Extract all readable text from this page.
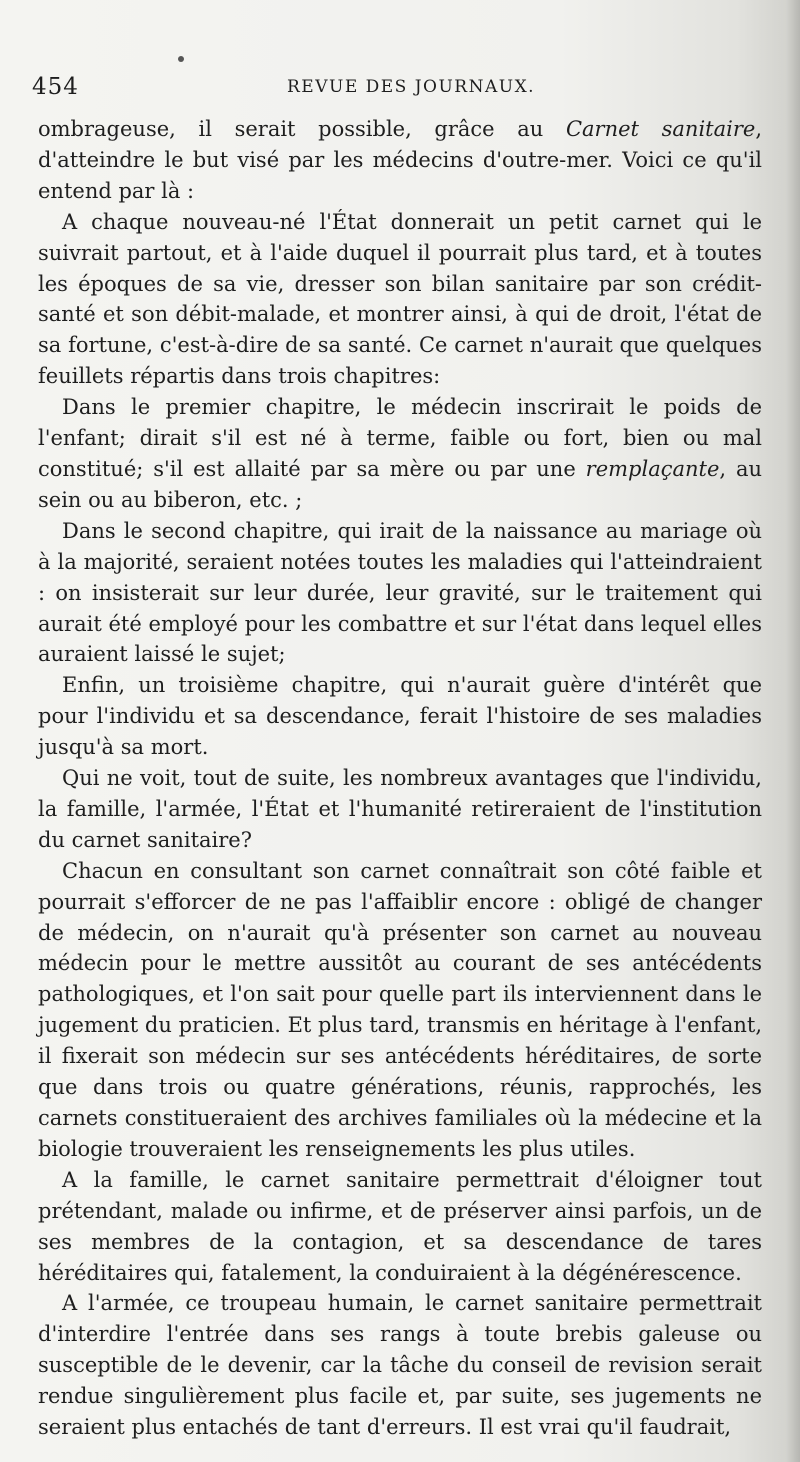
454	REVUE DES JOURNAUX.

ombrageuse, il serait possible, grâce au Carnet sanitaire, d'atteindre le but visé par les médecins d'outre-mer. Voici ce qu'il entend par là :

A chaque nouveau-né l'État donnerait un petit carnet qui le suivrait partout, et à l'aide duquel il pourrait plus tard, et à toutes les époques de sa vie, dresser son bilan sanitaire par son crédit-santé et son débit-malade, et montrer ainsi, à qui de droit, l'état de sa fortune, c'est-à-dire de sa santé. Ce carnet n'aurait que quelques feuillets répartis dans trois chapitres:

Dans le premier chapitre, le médecin inscrirait le poids de l'enfant; dirait s'il est né à terme, faible ou fort, bien ou mal constitué; s'il est allaité par sa mère ou par une remplaçante, au sein ou au biberon, etc. ;

Dans le second chapitre, qui irait de la naissance au mariage où à la majorité, seraient notées toutes les maladies qui l'atteindraient : on insisterait sur leur durée, leur gravité, sur le traitement qui aurait été employé pour les combattre et sur l'état dans lequel elles auraient laissé le sujet;

Enfin, un troisième chapitre, qui n'aurait guère d'intérêt que pour l'individu et sa descendance, ferait l'histoire de ses maladies jusqu'à sa mort.

Qui ne voit, tout de suite, les nombreux avantages que l'individu, la famille, l'armée, l'État et l'humanité retireraient de l'institution du carnet sanitaire?

Chacun en consultant son carnet connaîtrait son côté faible et pourrait s'efforcer de ne pas l'affaiblir encore : obligé de changer de médecin, on n'aurait qu'à présenter son carnet au nouveau médecin pour le mettre aussitôt au courant de ses antécédents pathologiques, et l'on sait pour quelle part ils interviennent dans le jugement du praticien. Et plus tard, transmis en héritage à l'enfant, il fixerait son médecin sur ses antécédents héréditaires, de sorte que dans trois ou quatre générations, réunis, rapprochés, les carnets constitueraient des archives familiales où la médecine et la biologie trouveraient les renseignements les plus utiles.

A la famille, le carnet sanitaire permettrait d'éloigner tout prétendant, malade ou infirme, et de préserver ainsi parfois, un de ses membres de la contagion, et sa descendance de tares héréditaires qui, fatalement, la conduiraient à la dégénérescence.

A l'armée, ce troupeau humain, le carnet sanitaire permettrait d'interdire l'entrée dans ses rangs à toute brebis galeuse ou susceptible de le devenir, car la tâche du conseil de revision serait rendue singulièrement plus facile et, par suite, ses jugements ne seraient plus entachés de tant d'erreurs. Il est vrai qu'il faudrait,
